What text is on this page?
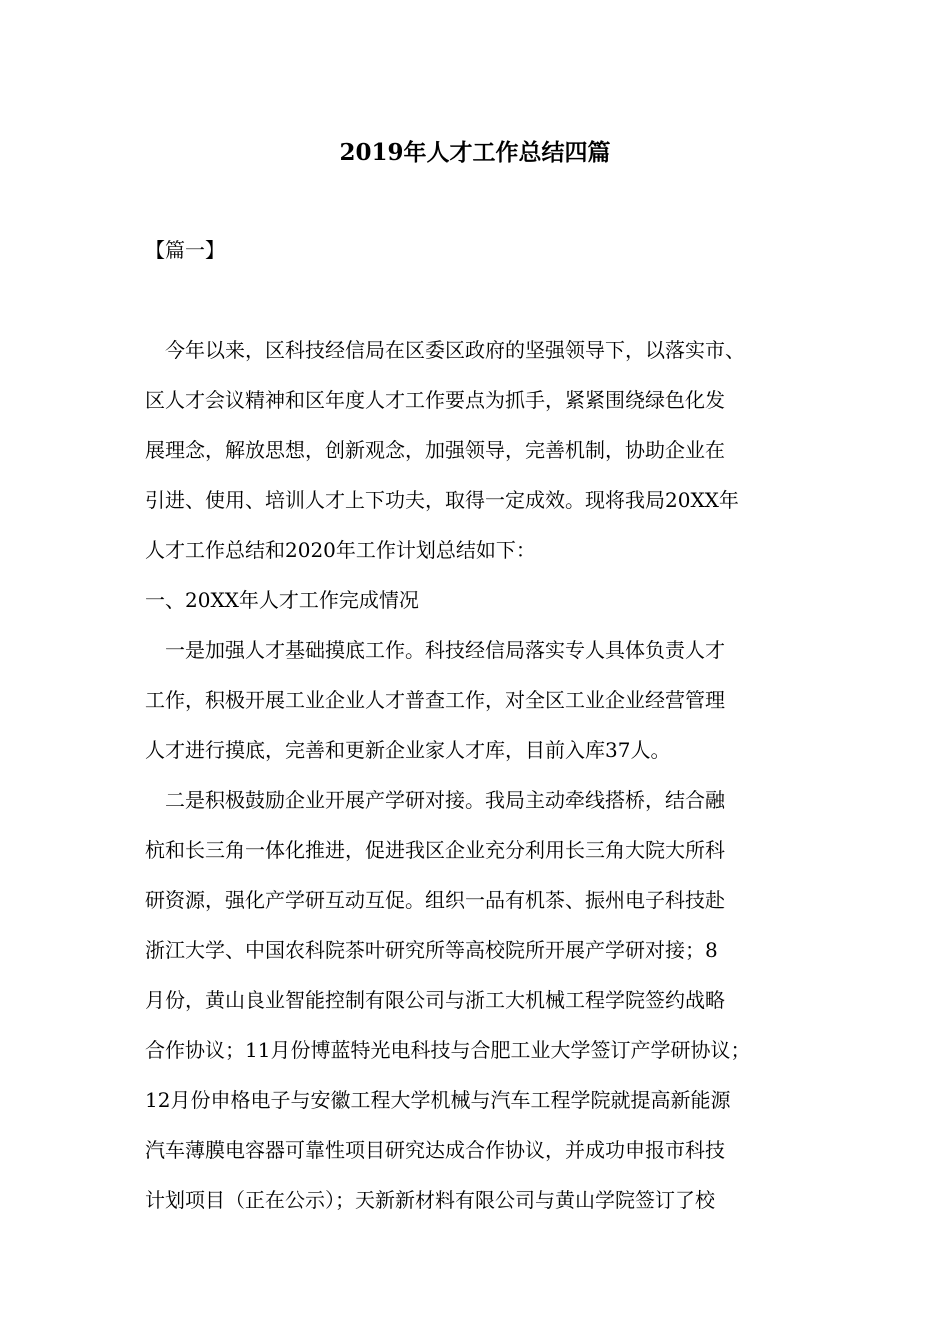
2019年人才工作总结四篇
【篇一】
　今年以来，区科技经信局在区委区政府的坚强领导下，以落实市、
区人才会议精神和区年度人才工作要点为抓手，紧紧围绕绿色化发
展理念，解放思想，创新观念，加强领导，完善机制，协助企业在
引进、使用、培训人才上下功夫，取得一定成效。现将我局20XX年
人才工作总结和2020年工作计划总结如下：
一、20XX年人才工作完成情况
　一是加强人才基础摸底工作。科技经信局落实专人具体负责人才
工作，积极开展工业企业人才普查工作，对全区工业企业经营管理
人才进行摸底，完善和更新企业家人才库，目前入库37人。
　二是积极鼓励企业开展产学研对接。我局主动牵线搭桥，结合融
杭和长三角一体化推进，促进我区企业充分利用长三角大院大所科
研资源，强化产学研互动互促。组织一品有机茶、振州电子科技赴
浙江大学、中国农科院茶叶研究所等高校院所开展产学研对接；8
月份，黄山良业智能控制有限公司与浙工大机械工程学院签约战略
合作协议；11月份博蓝特光电科技与合肥工业大学签订产学研协议；
12月份申格电子与安徽工程大学机械与汽车工程学院就提高新能源
汽车薄膜电容器可靠性项目研究达成合作协议，并成功申报市科技
计划项目（正在公示）；天新新材料有限公司与黄山学院签订了校
